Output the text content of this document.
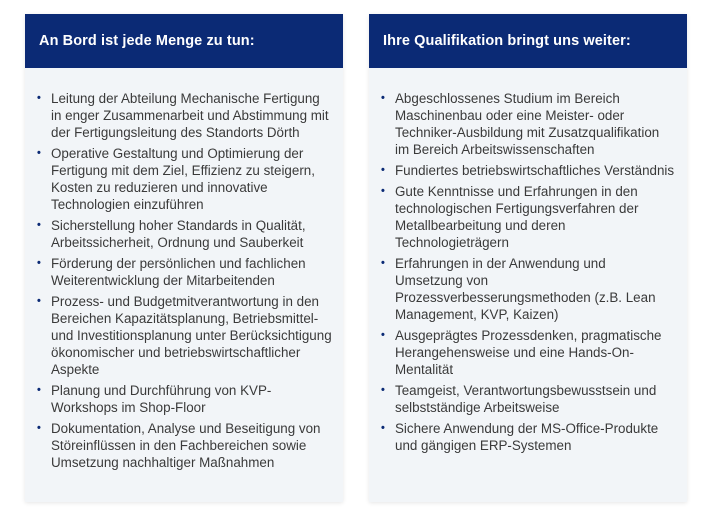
An Bord ist jede Menge zu tun:
• Leitung der Abteilung Mechanische Fertigung in enger Zusammenarbeit und Abstimmung mit der Fertigungsleitung des Standorts Dörth
• Operative Gestaltung und Optimierung der Fertigung mit dem Ziel, Effizienz zu steigern, Kosten zu reduzieren und innovative Technologien einzuführen
• Sicherstellung hoher Standards in Qualität, Arbeitssicherheit, Ordnung und Sauberkeit
• Förderung der persönlichen und fachlichen Weiterentwicklung der Mitarbeitenden
• Prozess- und Budgetmitverantwortung in den Bereichen Kapazitätsplanung, Betriebsmittel- und Investitionsplanung unter Berücksichtigung ökonomischer und betriebswirtschaftlicher Aspekte
• Planung und Durchführung von KVP-Workshops im Shop-Floor
• Dokumentation, Analyse und Beseitigung von Störeinflüssen in den Fachbereichen sowie Umsetzung nachhaltiger Maßnahmen
Ihre Qualifikation bringt uns weiter:
• Abgeschlossenes Studium im Bereich Maschinenbau oder eine Meister- oder Techniker-Ausbildung mit Zusatzqualifikation im Bereich Arbeitswissenschaften
• Fundiertes betriebswirtschaftliches Verständnis
• Gute Kenntnisse und Erfahrungen in den technologischen Fertigungsverfahren der Metallbearbeitung und deren Technologieträgern
• Erfahrungen in der Anwendung und Umsetzung von Prozessverbesserungsmethoden (z.B. Lean Management, KVP, Kaizen)
• Ausgeprägtes Prozessdenken, pragmatische Herangehensweise und eine Hands-On-Mentalität
• Teamgeist, Verantwortungsbewusstsein und selbstständige Arbeitsweise
• Sichere Anwendung der MS-Office-Produkte und gängigen ERP-Systemen
